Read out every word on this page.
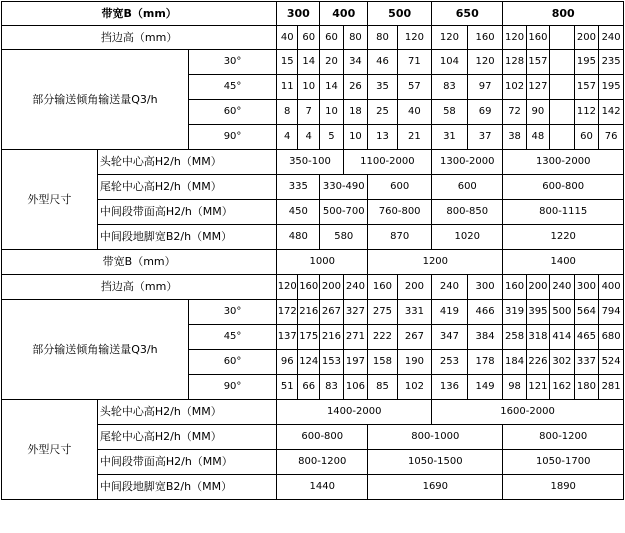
带宽B（mm）			300		400		500		650		800				
挡边高（mm）			40	60	60	80	80	120	120	160	120	160		200	240
部分输送倾角输送量Q3/h		30°	15	14	20	34	46	71	104	120	128	157		195	235
		45°	11	10	14	26	35	57	83	97	102	127		157	195
		60°	8	7	10	18	25	40	58	69	72	90		112	142
		90°	4	4	5	10	13	21	31	37	38	48		60	76
外型尺寸	头轮中心高H2/h（MM）		350-100			1100-2000			1300-2000		1300-2000				
	尾轮中心高H2/h（MM）		335		330-490		600		600		600-800				
	中间段带面高H2/h（MM）		450		500-700		760-800		800-850		800-1115				
	中间段地脚宽B2/h（MM）		480		580		870		1020		1220				
带宽B（mm）			1000				1200				1400				
挡边高（mm）			120	160	200	240	160	200	240	300	160	200	240	300	400
部分输送倾角输送量Q3/h		30°	172	216	267	327	275	331	419	466	319	395	500	564	794
		45°	137	175	216	271	222	267	347	384	258	318	414	465	680
		60°	96	124	153	197	158	190	253	178	184	226	302	337	524
		90°	51	66	83	106	85	102	136	149	98	121	162	180	281
外型尺寸	头轮中心高H2/h（MM）		1400-2000						1600-2000						
	尾轮中心高H2/h（MM）		600-800				800-1000				800-1200				
	中间段带面高H2/h（MM）		800-1200				1050-1500				1050-1700				
	中间段地脚宽B2/h（MM）		1440				1690				1890				
